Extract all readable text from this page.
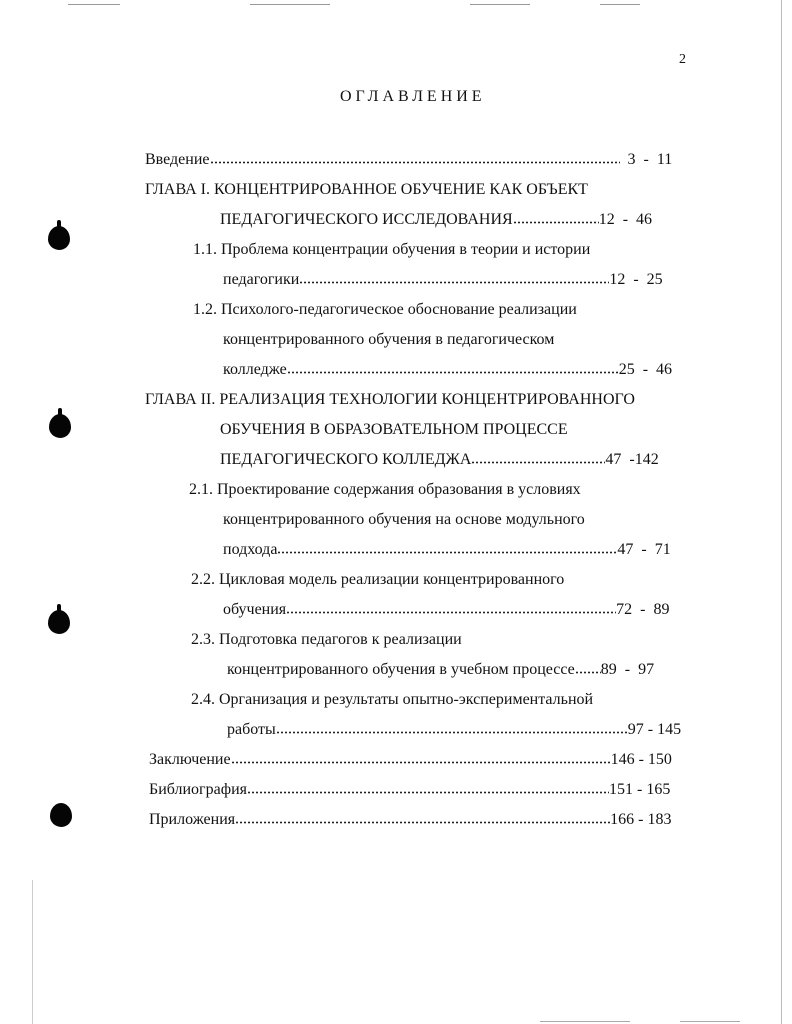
2
ОГЛАВЛЕНИЕ
Введение	3  -  11
ГЛАВА I. КОНЦЕНТРИРОВАННОЕ ОБУЧЕНИЕ КАК ОБЪЕКТ
ПЕДАГОГИЧЕСКОГО ИССЛЕДОВАНИЯ	12  -  46
1.1. Проблема концентрации обучения в теории и истории
педагогики	12  -  25
1.2. Психолого-педагогическое обоснование реализации
концентрированного обучения в педагогическом
колледже	25  -  46
ГЛАВА II. РЕАЛИЗАЦИЯ ТЕХНОЛОГИИ КОНЦЕНТРИРОВАННОГО
ОБУЧЕНИЯ В ОБРАЗОВАТЕЛЬНОМ ПРОЦЕССЕ
ПЕДАГОГИЧЕСКОГО КОЛЛЕДЖА	47  -142
2.1. Проектирование содержания образования в условиях
концентрированного обучения на основе модульного
подхода	47  -  71
2.2. Цикловая модель реализации концентрированного
обучения	72  -  89
2.3. Подготовка педагогов к реализации
концентрированного обучения в учебном процессе 89  -  97
2.4. Организация и результаты опытно-экспериментальной
работы	97 - 145
Заключение	146 - 150
Библиография	151 - 165
Приложения	166 - 183
